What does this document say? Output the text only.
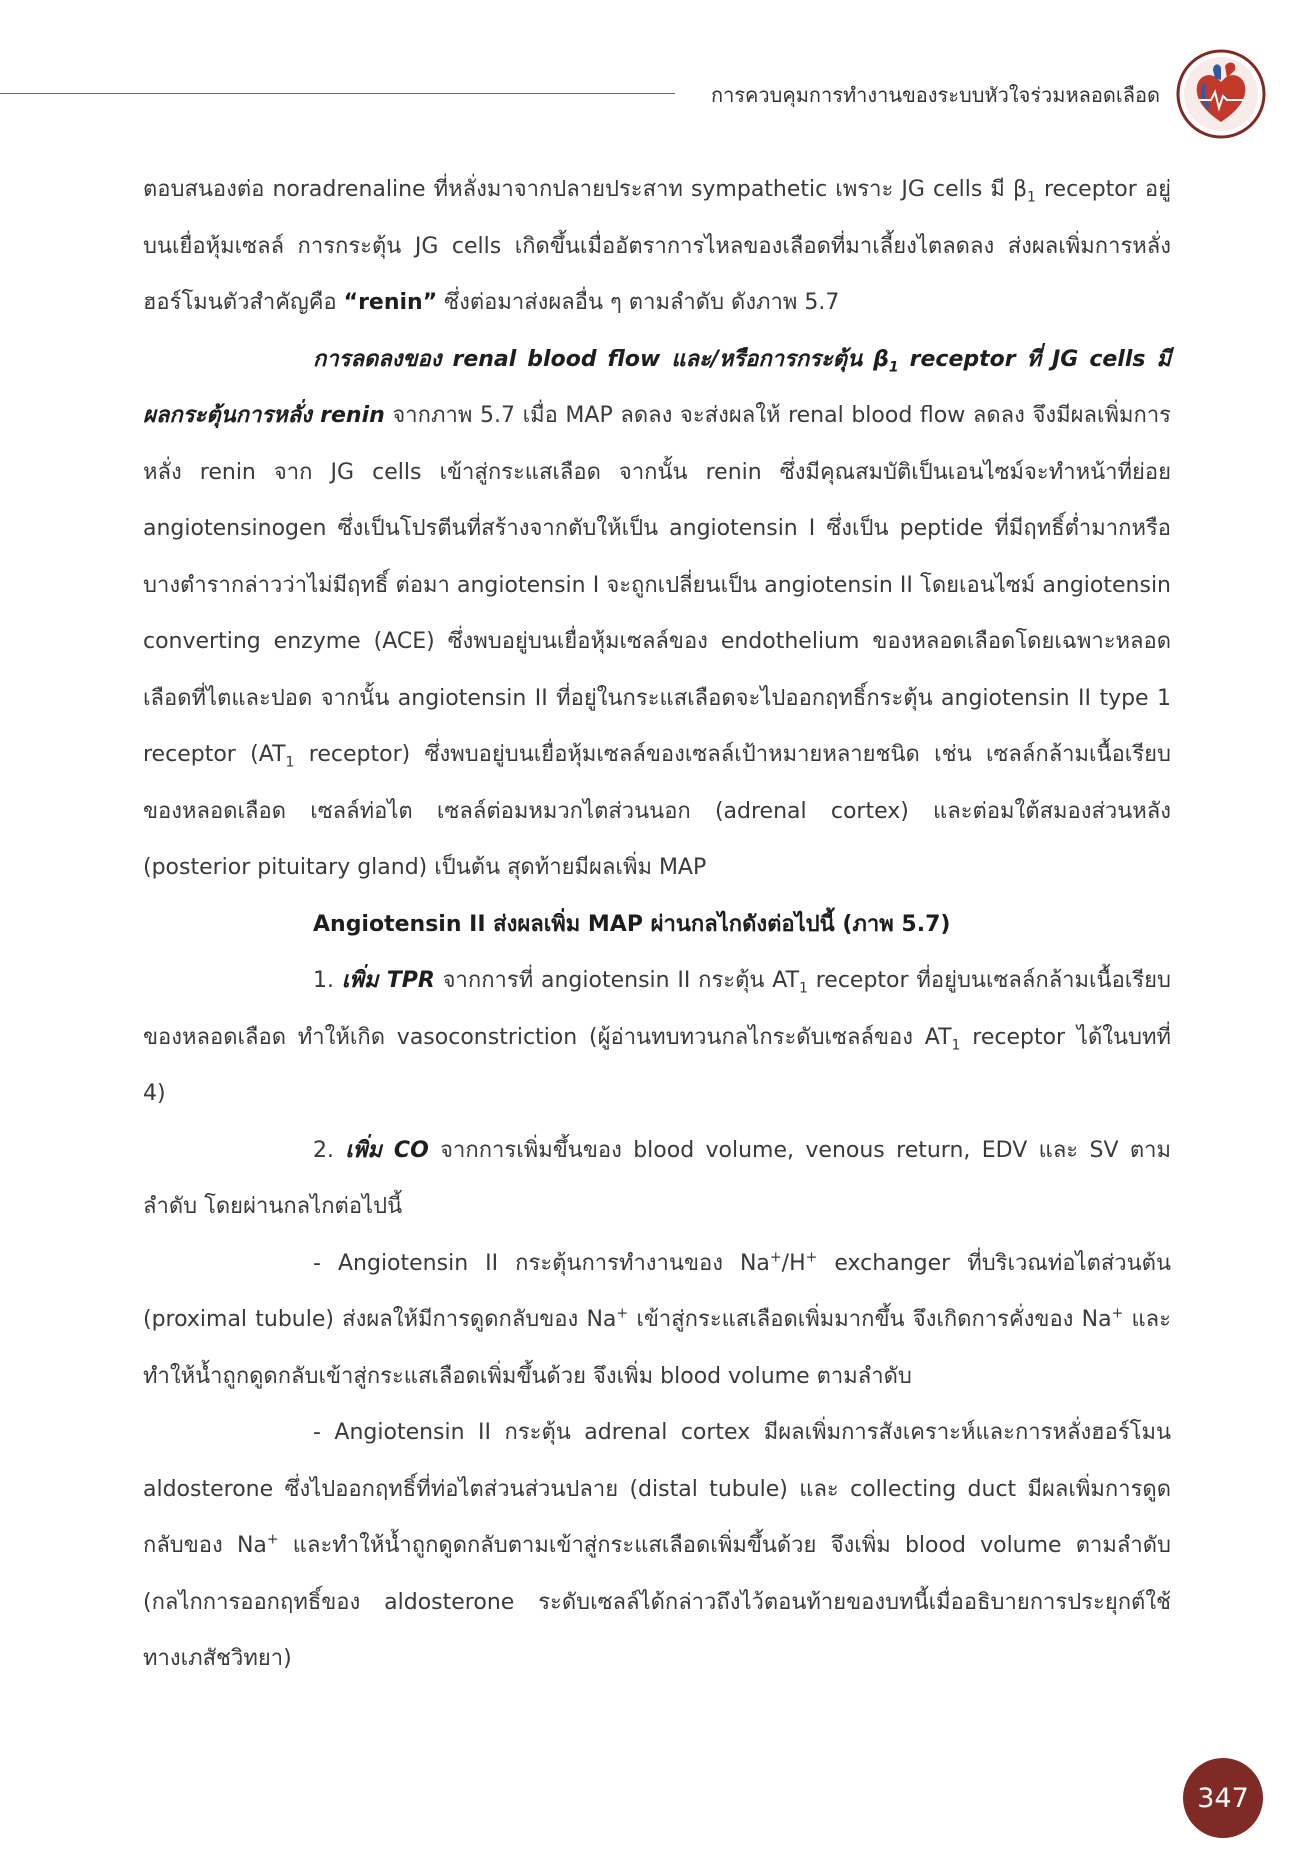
การควบคุมการทำงานของระบบหัวใจร่วมหลอดเลือด

ตอบสนองต่อ noradrenaline ที่หลั่งมาจากปลายประสาท sympathetic เพราะ JG cells มี $\beta_1$ receptor อยู่บนเยื่อหุ้มเซลล์ การกระตุ้น JG cells เกิดขึ้นเมื่ออัตราการไหลของเลือดที่มาเลี้ยงไตลดลง ส่งผลเพิ่มการหลั่งฮอร์โมนตัวสำคัญคือ “renin” ซึ่งต่อมาส่งผลอื่น ๆ ตามลำดับ ดังภาพ 5.7

การลดลงของ renal blood flow และ/หรือการกระตุ้น $\beta_1$ receptor ที่ JG cells มีผลกระตุ้นการหลั่ง renin จากภาพ 5.7 เมื่อ MAP ลดลง จะส่งผลให้ renal blood flow ลดลง จึงมีผลเพิ่มการหลั่ง renin จาก JG cells เข้าสู่กระแสเลือด จากนั้น renin ซึ่งมีคุณสมบัติเป็นเอนไซม์จะทำหน้าที่ย่อย angiotensinogen ซึ่งเป็นโปรตีนที่สร้างจากตับให้เป็น angiotensin I ซึ่งเป็น peptide ที่มีฤทธิ์ต่ำมากหรือบางตำรากล่าวว่าไม่มีฤทธิ์ ต่อมา angiotensin I จะถูกเปลี่ยนเป็น angiotensin II โดยเอนไซม์ angiotensin converting enzyme (ACE) ซึ่งพบอยู่บนเยื่อหุ้มเซลล์ของ endothelium ของหลอดเลือดโดยเฉพาะหลอดเลือดที่ไตและปอด จากนั้น angiotensin II ที่อยู่ในกระแสเลือดจะไปออกฤทธิ์กระตุ้น angiotensin II type 1 receptor ($AT_1$ receptor) ซึ่งพบอยู่บนเยื่อหุ้มเซลล์ของเซลล์เป้าหมายหลายชนิด เช่น เซลล์กล้ามเนื้อเรียบของหลอดเลือด เซลล์ท่อไต เซลล์ต่อมหมวกไตส่วนนอก (adrenal cortex) และต่อมใต้สมองส่วนหลัง (posterior pituitary gland) เป็นต้น สุดท้ายมีผลเพิ่ม MAP

Angiotensin II ส่งผลเพิ่ม MAP ผ่านกลไกดังต่อไปนี้ (ภาพ 5.7)

1. เพิ่ม TPR จากการที่ angiotensin II กระตุ้น $AT_1$ receptor ที่อยู่บนเซลล์กล้ามเนื้อเรียบของหลอดเลือด ทำให้เกิด vasoconstriction (ผู้อ่านทบทวนกลไกระดับเซลล์ของ $AT_1$ receptor ได้ในบทที่ 4)

2. เพิ่ม CO จากการเพิ่มขึ้นของ blood volume, venous return, EDV และ SV ตามลำดับ โดยผ่านกลไกต่อไปนี้

- Angiotensin II กระตุ้นการทำงานของ Na+/H+ exchanger ที่บริเวณท่อไตส่วนต้น (proximal tubule) ส่งผลให้มีการดูดกลับของ Na+ เข้าสู่กระแสเลือดเพิ่มมากขึ้น จึงเกิดการคั่งของ Na+ และทำให้น้ำถูกดูดกลับเข้าสู่กระแสเลือดเพิ่มขึ้นด้วย จึงเพิ่ม blood volume ตามลำดับ

- Angiotensin II กระตุ้น adrenal cortex มีผลเพิ่มการสังเคราะห์และการหลั่งฮอร์โมน aldosterone ซึ่งไปออกฤทธิ์ที่ท่อไตส่วนส่วนปลาย (distal tubule) และ collecting duct มีผลเพิ่มการดูดกลับของ Na+ และทำให้น้ำถูกดูดกลับตามเข้าสู่กระแสเลือดเพิ่มขึ้นด้วย จึงเพิ่ม blood volume ตามลำดับ (กลไกการออกฤทธิ์ของ aldosterone ระดับเซลล์ได้กล่าวถึงไว้ตอนท้ายของบทนี้เมื่ออธิบายการประยุกต์ใช้ทางเภสัชวิทยา)

347
